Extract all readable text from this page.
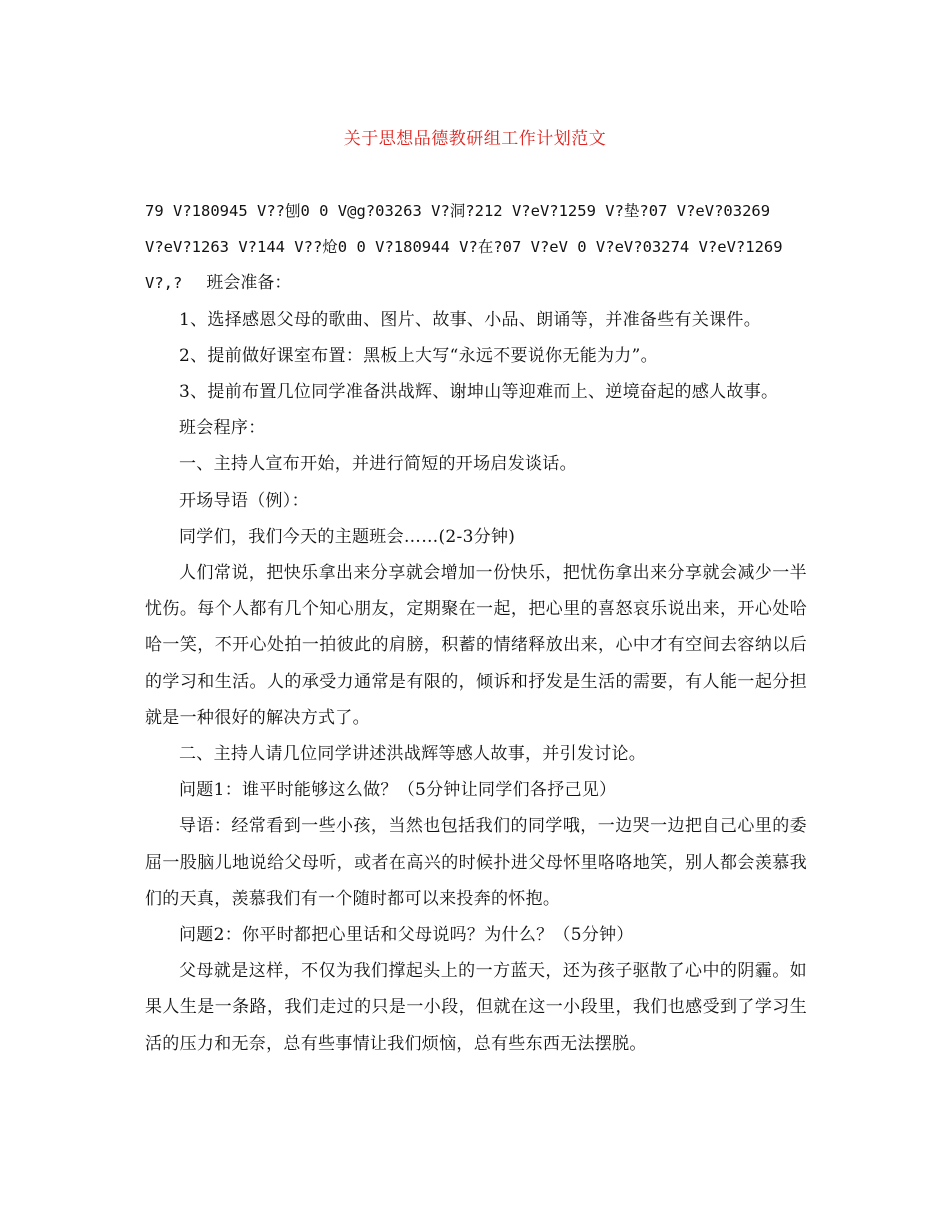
关于思想品德教研组工作计划范文

79 V?180945 V??刨0 0 V@g?03263 V?洞?212 V?eV?1259 V?垫?07 V?eV?03269

V?eV?1263 V?144 V??炝0 0 V?180944 V?在?07 V?eV 0 V?eV?03274 V?eV?1269

V?,? 班会准备：

1、选择感恩父母的歌曲、图片、故事、小品、朗诵等，并准备些有关课件。

2、提前做好课室布置：黑板上大写“永远不要说你无能为力”。

3、提前布置几位同学准备洪战辉、谢坤山等迎难而上、逆境奋起的感人故事。

班会程序：

一、主持人宣布开始，并进行简短的开场启发谈话。

开场导语（例）：

同学们，我们今天的主题班会……(2-3分钟)

人们常说，把快乐拿出来分享就会增加一份快乐，把忧伤拿出来分享就会减少一半忧伤。每个人都有几个知心朋友，定期聚在一起，把心里的喜怒哀乐说出来，开心处哈哈一笑，不开心处拍一拍彼此的肩膀，积蓄的情绪释放出来，心中才有空间去容纳以后的学习和生活。人的承受力通常是有限的，倾诉和抒发是生活的需要，有人能一起分担就是一种很好的解决方式了。

二、主持人请几位同学讲述洪战辉等感人故事，并引发讨论。

问题1：谁平时能够这么做？（5分钟让同学们各抒己见）

导语：经常看到一些小孩，当然也包括我们的同学哦，一边哭一边把自己心里的委屈一股脑儿地说给父母听，或者在高兴的时候扑进父母怀里咯咯地笑，别人都会羡慕我们的天真，羡慕我们有一个随时都可以来投奔的怀抱。

问题2：你平时都把心里话和父母说吗？为什么？（5分钟）

父母就是这样，不仅为我们撑起头上的一方蓝天，还为孩子驱散了心中的阴霾。如果人生是一条路，我们走过的只是一小段，但就在这一小段里，我们也感受到了学习生活的压力和无奈，总有些事情让我们烦恼，总有些东西无法摆脱。
